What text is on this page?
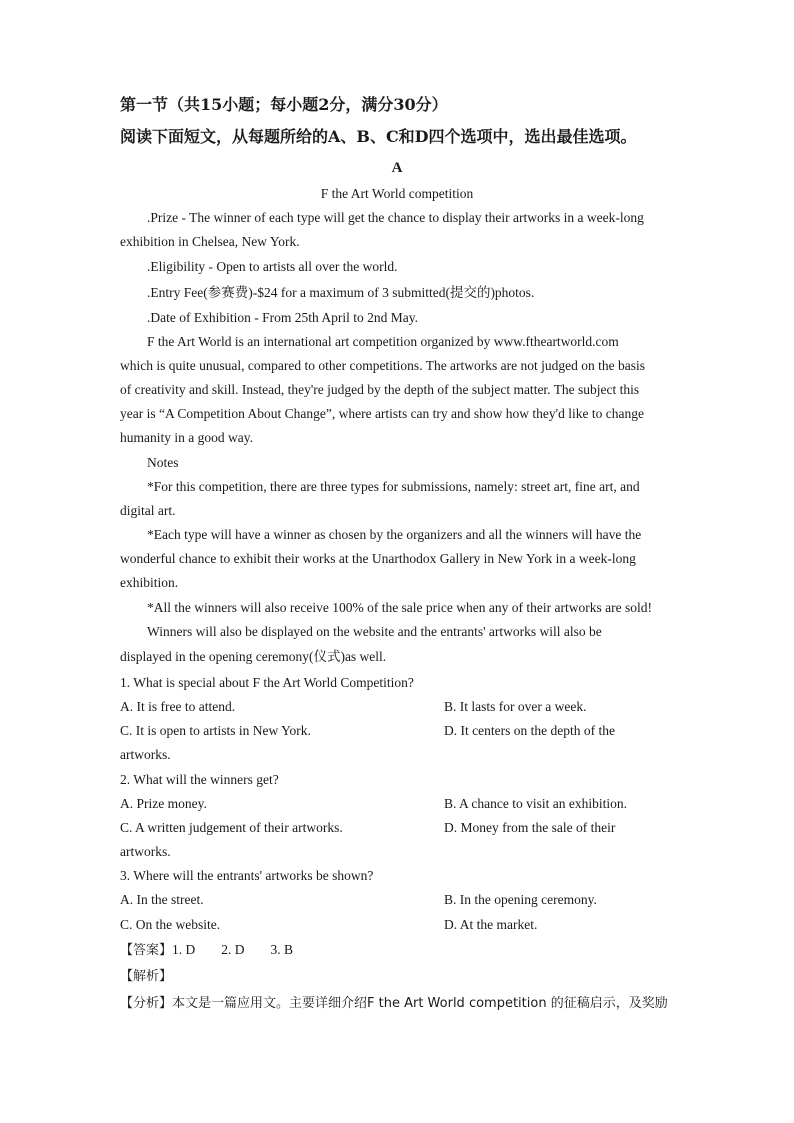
第一节（共15小题；每小题2分，满分30分）
阅读下面短文，从每题所给的A、B、C和D四个选项中，选出最佳选项。
A
F the Art World competition
.Prize - The winner of each type will get the chance to display their artworks in a week-long
exhibition in Chelsea, New York.
.Eligibility - Open to artists all over the world.
.Entry Fee(参赛费)-$24 for a maximum of 3 submitted(提交的)photos.
.Date of Exhibition - From 25th April to 2nd May.
F the Art World is an international art competition organized by www.ftheartworld.com
which is quite unusual, compared to other competitions. The artworks are not judged on the basis
of creativity and skill. Instead, they're judged by the depth of the subject matter. The subject this
year is “A Competition About Change”, where artists can try and show how they'd like to change
humanity in a good way.
Notes
*For this competition, there are three types for submissions, namely: street art, fine art, and
digital art.
*Each type will have a winner as chosen by the organizers and all the winners will have the
wonderful chance to exhibit their works at the Unarthodox Gallery in New York in a week-long
exhibition.
*All the winners will also receive 100% of the sale price when any of their artworks are sold!
Winners will also be displayed on the website and the entrants' artworks will also be
displayed in the opening ceremony(仪式)as well.
1. What is special about F the Art World Competition?
A. It is free to attend.	B. It lasts for over a week.
C. It is open to artists in New York.	D. It centers on the depth of the
artworks.
2. What will the winners get?
A. Prize money.	B. A chance to visit an exhibition.
C. A written judgement of their artworks.	D. Money from the sale of their
artworks.
3. Where will the entrants' artworks be shown?
A. In the street.	B. In the opening ceremony.
C. On the website.	D. At the market.
【答案】1. D 2. D 3. B
【解析】
【分析】本文是一篇应用文。主要详细介绍F the Art World competition 的征稿启示，及奖励
